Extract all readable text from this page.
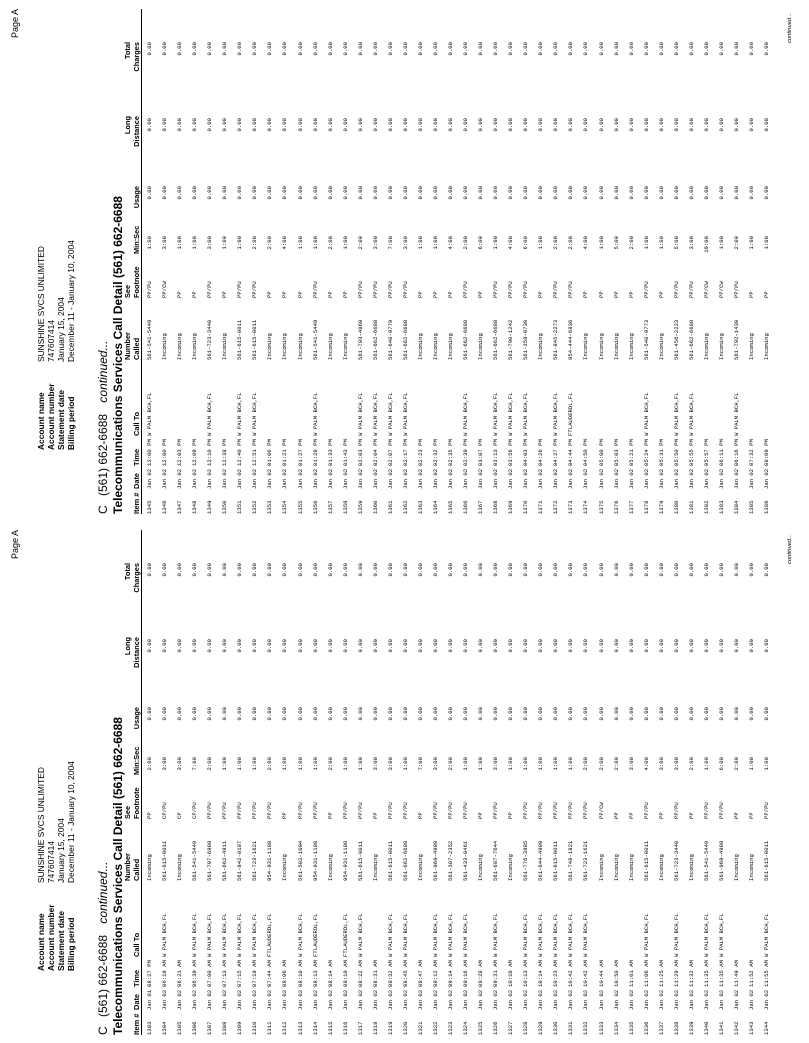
Page A
Account name
SUNSHINE SVCS UNLIMITED
Account number
747607414
Statement date
January 15, 2004
Billing period
December 11 - January 10, 2004
C (561) 662-6688 continued... Telecommunications Services Call Detail (561) 662-6688 Item #
Date
Time
Call To
Number Called
See Footnote
Min:Sec
Usage
Long Distance
Total Charges
1303
Jan 01
08:27 PM
Incoming
PP
2:00
0.00
0.00
0.00
1304
Jan 02
06:19 AM
W PALM BCH,FL
561-615-0011
CP/PU
3:00
0.00
0.00
0.00
1305
Jan 02
06:21 AM
Incoming
CP
3:00
0.00
0.00
0.00
1306
Jan 02
06:39 AM
W PALM BCH,FL
561-541-5449
CP/PU
7:00
0.00
0.00
0.00
1307
Jan 02
07:00 AM
W PALM BCH,FL
561-707-6989
PP/PU
2:00
0.00
0.00
0.00
1308
Jan 02
07:13 AM
W PALM BCH,FL
561-662-4811
PP/PU
1:00
0.00
0.00
0.00
1309
Jan 02
07:15 AM
W PALM BCH,FL
561-842-0187
PP/PU
1:00
0.00
0.00
0.00
1310
Jan 02
07:19 AM
W PALM BCH,FL
561-723-1621
PP/PU
1:00
0.00
0.00
0.00
1311
Jan 02
07:44 AM
FTLAUDERDL,FL
954-931-1180
PP/PU
2:00
0.00
0.00
0.00
1312
Jan 02
08:06 AM
Incoming
PP
1:00
0.00
0.00
0.00
1313
Jan 02
08:10 AM
W PALM BCH,FL
561-502-1094
PP/PU
1:00
0.00
0.00
0.00
1314
Jan 02
08:13 AM
FTLAUDERDL,FL
954-931-1180
PP/PU
1:00
0.00
0.00
0.00
1315
Jan 02
08:14 AM
Incoming
PP
2:00
0.00
0.00
0.00
1316
Jan 02
08:19 AM
FTLAUDERDL,FL
954-931-1180
PP/PU
1:00
0.00
0.00
0.00
1317
Jan 02
08:22 AM
W PALM BCH,FL
561-615-0011
PP/PU
1:00
0.00
0.00
0.00
1318
Jan 02
08:31 AM
Incoming
PP
3:00
0.00
0.00
0.00
1319
Jan 02
08:32 AM
W PALM BCH,FL
561-615-0011
PP/PU
3:00
0.00
0.00
0.00
1320
Jan 02
08:45 AM
W PALM BCH,FL
561-662-6688
PP/PU
1:00
0.00
0.00
0.00
1321
Jan 02
08:47 AM
Incoming
PP
7:00
0.00
0.00
0.00
1322
Jan 02
09:12 AM
W PALM BCH,FL
561-969-4989
PP/PU
3:00
0.00
0.00
0.00
1323
Jan 02
09:14 AM
W PALM BCH,FL
561-307-2352
PP/PU
2:00
0.00
0.00
0.00
1324
Jan 02
09:16 AM
W PALM BCH,FL
561-433-0461
PP/PU
1:00
0.00
0.00
0.00
1325
Jan 02
09:28 AM
Incoming
PP
1:00
0.00
0.00
0.00
1326
Jan 02
09:31 AM
W PALM BCH,FL
561-687-7644
PP/PU
3:00
0.00
0.00
0.00
1327
Jan 02
10:10 AM
Incoming
PP
1:00
0.00
0.00
0.00
1328
Jan 02
10:13 AM
W PALM BCH,FL
561-776-3885
PP/PU
1:00
0.00
0.00
0.00
1329
Jan 02
10:14 AM
W PALM BCH,FL
561-644-4989
PP/PU
1:00
0.00
0.00
0.00
1330
Jan 02
10:23 AM
W PALM BCH,FL
561-615-0011
PP/PU
1:00
0.00
0.00
0.00
1331
Jan 02
10:42 AM
W PALM BCH,FL
561-748-1821
PP/PU
1:00
0.00
0.00
0.00
1332
Jan 02
10:42 AM
W PALM BCH,FL
561-723-1621
PP/PU
2:00
0.00
0.00
0.00
1333
Jan 02
10:44 AM
Incoming
PP/CW
2:00
0.00
0.00
0.00
1334
Jan 02
10:50 AM
Incoming
PP
2:00
0.00
0.00
0.00
1335
Jan 02
11:01 AM
Incoming
PP
3:00
0.00
0.00
0.00
1336
Jan 02
11:06 AM
W PALM BCH,FL
561-615-0011
PP/PU
4:00
0.00
0.00
0.00
1337
Jan 02
11:25 AM
Incoming
PP
3:00
0.00
0.00
0.00
1338
Jan 02
11:29 AM
W PALM BCH,FL
561-723-3440
PP/PU
3:00
0.00
0.00
0.00
1339
Jan 02
11:32 AM
Incoming
PP
2:00
0.00
0.00
0.00
1340
Jan 02
11:35 AM
W PALM BCH,FL
561-541-5449
PP/PU
1:00
0.00
0.00
0.00
1341
Jan 02
11:35 AM
W PALM BCH,FL
561-969-4989
PP/PU
6:00
0.00
0.00
0.00
1342
Jan 02
11:49 AM
Incoming
PP
2:00
0.00
0.00
0.00
1343
Jan 02
11:52 AM
Incoming
PP
1:00
0.00
0.00
0.00
1344
Jan 02
11:55 AM
W PALM BCH,FL
561-615-0011
PP/PU
1:00
0.00
0.00
0.00
continued...
Page A
Account name
SUNSHINE SVCS UNLIMITED
Account number
747607414
Statement date
January 15, 2004
Billing period
December 11 - January 10, 2004
C (561) 662-6688 continued... Telecommunications Services Call Detail (561) 662-6688 Item #
Date
Time
Call To
Number Called
See Footnote
Min:Sec
Usage
Long Distance
Total Charges
1345
Jan 02
12:00 PM
W PALM BCH,FL
561-541-5449
PP/PU
1:00
0.00
0.00
0.00
1346
Jan 02
12:00 PM
Incoming
PP/CW
3:00
0.00
0.00
0.00
1347
Jan 02
12:03 PM
Incoming
PP
1:00
0.00
0.00
0.00
1348
Jan 02
12:09 PM
Incoming
PP
1:00
0.00
0.00
0.00
1349
Jan 02
12:10 PM
W PALM BCH,FL
561-723-3440
PP/PU
3:00
0.00
0.00
0.00
1350
Jan 02
12:38 PM
Incoming
PP
1:00
0.00
0.00
0.00
1351
Jan 02
12:40 PM
W PALM BCH,FL
561-615-0011
PP/PU
1:00
0.00
0.00
0.00
1352
Jan 02
12:51 PM
W PALM BCH,FL
561-615-0011
PP/PU
2:00
0.00
0.00
0.00
1353
Jan 02
01:06 PM
Incoming
PP
2:00
0.00
0.00
0.00
1354
Jan 02
01:21 PM
Incoming
PP
4:00
0.00
0.00
0.00
1355
Jan 02
01:27 PM
Incoming
PP
1:00
0.00
0.00
0.00
1356
Jan 02
01:28 PM
W PALM BCH,FL
561-541-5449
PP/PU
1:00
0.00
0.00
0.00
1357
Jan 02
01:33 PM
Incoming
PP
2:00
0.00
0.00
0.00
1358
Jan 02
01:43 PM
Incoming
PP
1:00
0.00
0.00
0.00
1359
Jan 02
02:03 PM
W PALM BCH,FL
561-793-4869
PP/PU
2:00
0.00
0.00
0.00
1360
Jan 02
02:04 PM
W PALM BCH,FL
561-662-6688
PP/PU
3:00
0.00
0.00
0.00
1361
Jan 02
02:07 PM
W PALM BCH,FL
561-640-9779
PP/PU
7:00
0.00
0.00
0.00
1362
Jan 02
02:17 PM
W PALM BCH,FL
561-662-6688
PP/PU
3:00
0.00
0.00
0.00
1363
Jan 02
02:23 PM
Incoming
PP
1:00
0.00
0.00
0.00
1364
Jan 02
02:32 PM
Incoming
PP
1:00
0.00
0.00
0.00
1365
Jan 02
02:35 PM
Incoming
PP
4:00
0.00
0.00
0.00
1366
Jan 02
02:39 PM
W PALM BCH,FL
561-662-6688
PP/PU
2:00
0.00
0.00
0.00
1367
Jan 02
03:07 PM
Incoming
PP
6:00
0.00
0.00
0.00
1368
Jan 02
03:13 PM
W PALM BCH,FL
561-662-6688
PP/PU
1:00
0.00
0.00
0.00
1369
Jan 02
03:56 PM
W PALM BCH,FL
561-790-1242
PP/PU
4:00
0.00
0.00
0.00
1370
Jan 02
04:03 PM
W PALM BCH,FL
561-358-0730
PP/PU
6:00
0.00
0.00
0.00
1371
Jan 02
04:26 PM
Incoming
PP
1:00
0.00
0.00
0.00
1372
Jan 02
04:27 PM
W PALM BCH,FL
561-845-2273
PP/PU
2:00
0.00
0.00
0.00
1373
Jan 02
04:44 PM
FTLAUDERDL,FL
954-444-6836
PP/PU
2:00
0.00
0.00
0.00
1374
Jan 02
04:50 PM
Incoming
PP
4:00
0.00
0.00
0.00
1375
Jan 02
05:00 PM
Incoming
PP
1:00
0.00
0.00
0.00
1376
Jan 02
05:03 PM
Incoming
PP
5:00
0.00
0.00
0.00
1377
Jan 02
05:21 PM
Incoming
PP
2:00
0.00
0.00
0.00
1378
Jan 02
05:24 PM
W PALM BCH,FL
561-540-9773
PP/PU
1:00
0.00
0.00
0.00
1379
Jan 02
05:31 PM
Incoming
PP
1:00
0.00
0.00
0.00
1380
Jan 02
05:50 PM
W PALM BCH,FL
561-456-2223
PP/PU
5:00
0.00
0.00
0.00
1381
Jan 02
05:55 PM
W PALM BCH,FL
561-662-6688
PP/PU
3:00
0.00
0.00
0.00
1382
Jan 02
05:57 PM
Incoming
PP/CW
19:00
0.00
0.00
0.00
1383
Jan 02
06:11 PM
Incoming
PP/CW
1:00
0.00
0.00
0.00
1384
Jan 02
06:16 PM
W PALM BCH,FL
561-792-1430
PP/PU
2:00
0.00
0.00
0.00
1385
Jan 02
07:32 PM
Incoming
PP
1:00
0.00
0.00
0.00
1386
Jan 02
08:09 PM
Incoming
PP
1:00
0.00
0.00
0.00
continued...
